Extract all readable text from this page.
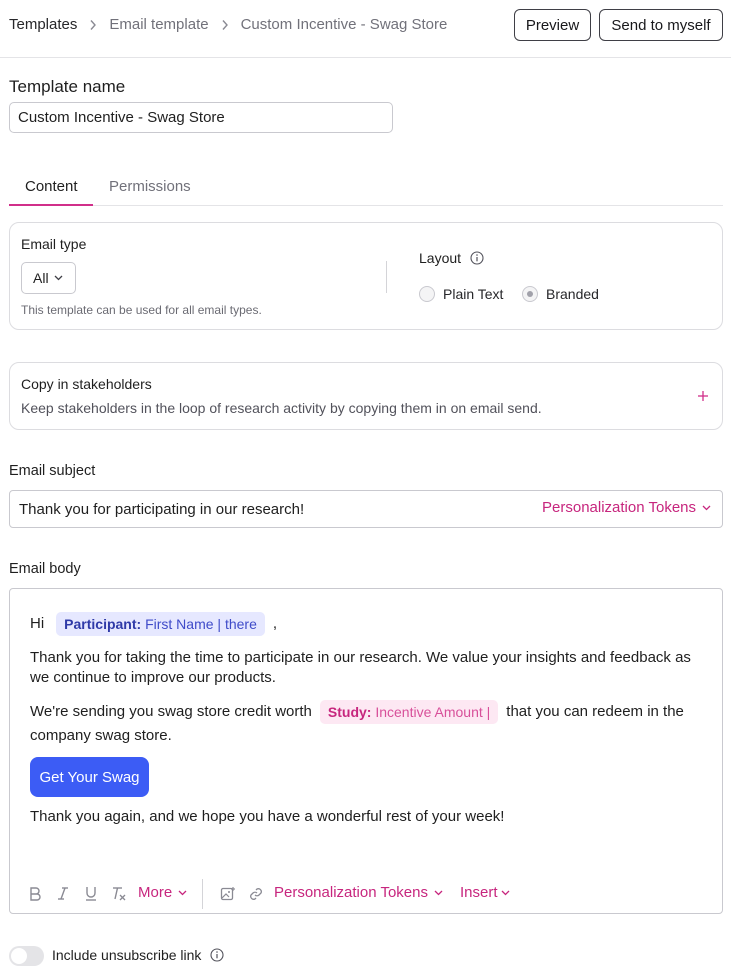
Templates Email template Custom Incentive - Swag Store	Preview	Send to myself
Template name
Custom Incentive - Swag Store
Content Permissions
Email type
All
This template can be used for all email types.
Layout
Plain Text	Branded
Copy in stakeholders
Keep stakeholders in the loop of research activity by copying them in on email send.
Email subject
Thank you for participating in our research!	Personalization Tokens
Email body
Hi	Participant: First Name | there	,
Thank you for taking the time to participate in our research. We value your insights and feedback as
we continue to improve our products.
We're sending you swag store credit worth	Study: Incentive Amount |	that you can redeem in the
company swag store.
Get Your Swag
Thank you again, and we hope you have a wonderful rest of your week!
More	Personalization Tokens Insert
Include unsubscribe link
